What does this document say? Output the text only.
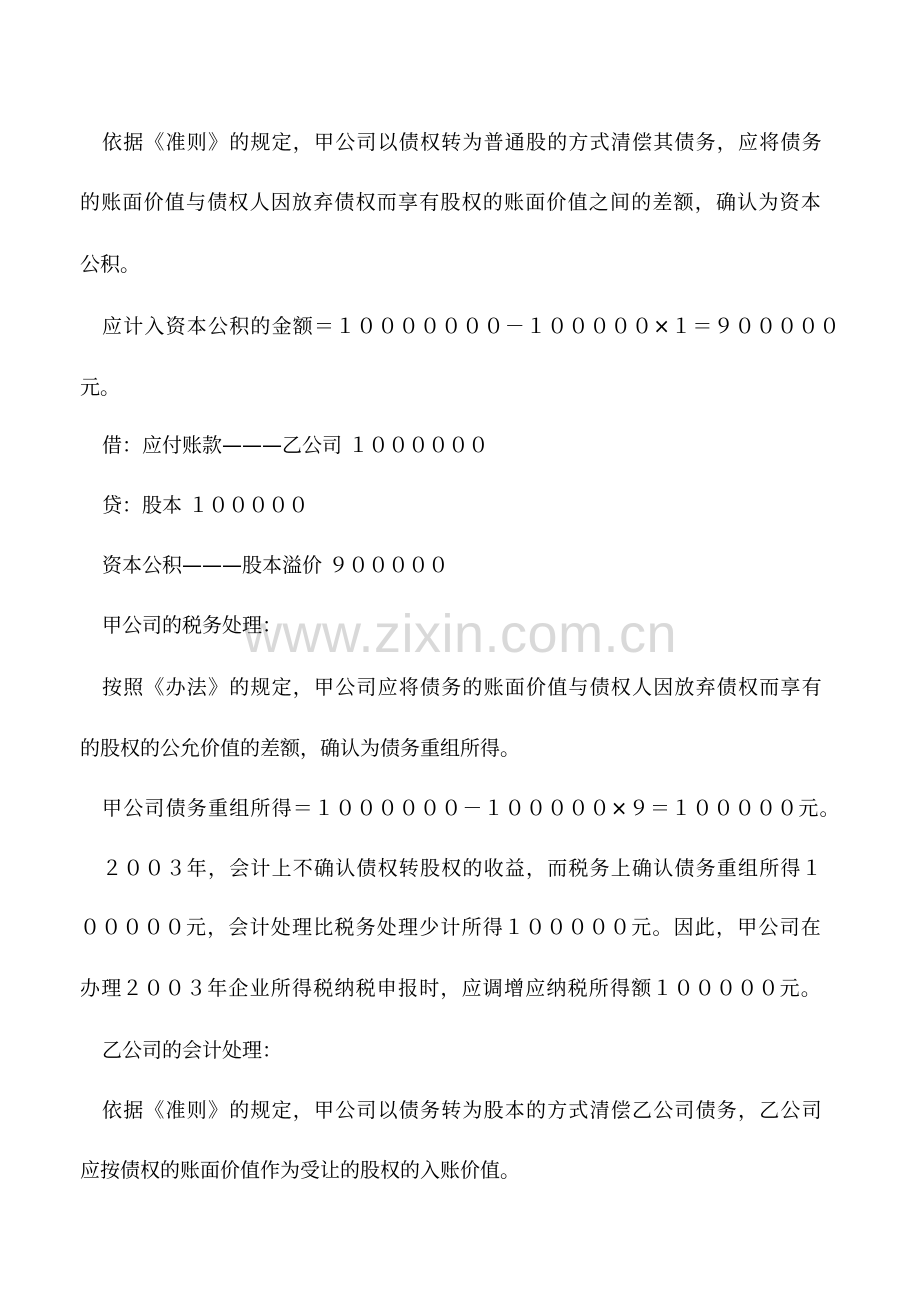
www.zixin.com.cn
依据《准则》的规定，甲公司以债权转为普通股的方式清偿其债务，应将债务
的账面价值与债权人因放弃债权而享有股权的账面价值之间的差额，确认为资本
公积。
应计入资本公积的金额＝１０００００００－１０００００×１＝９０００００
元。
借：应付账款———乙公司 １００００００
贷：股本 １０００００
资本公积———股本溢价 ９０００００
甲公司的税务处理：
按照《办法》的规定，甲公司应将债务的账面价值与债权人因放弃债权而享有
的股权的公允价值的差额，确认为债务重组所得。
甲公司债务重组所得＝１００００００－１０００００×９＝１０００００元。
２００３年，会计上不确认债权转股权的收益，而税务上确认债务重组所得１
０００００元，会计处理比税务处理少计所得１０００００元。因此，甲公司在
办理２００３年企业所得税纳税申报时，应调增应纳税所得额１０００００元。
乙公司的会计处理：
依据《准则》的规定，甲公司以债务转为股本的方式清偿乙公司债务，乙公司
应按债权的账面价值作为受让的股权的入账价值。
